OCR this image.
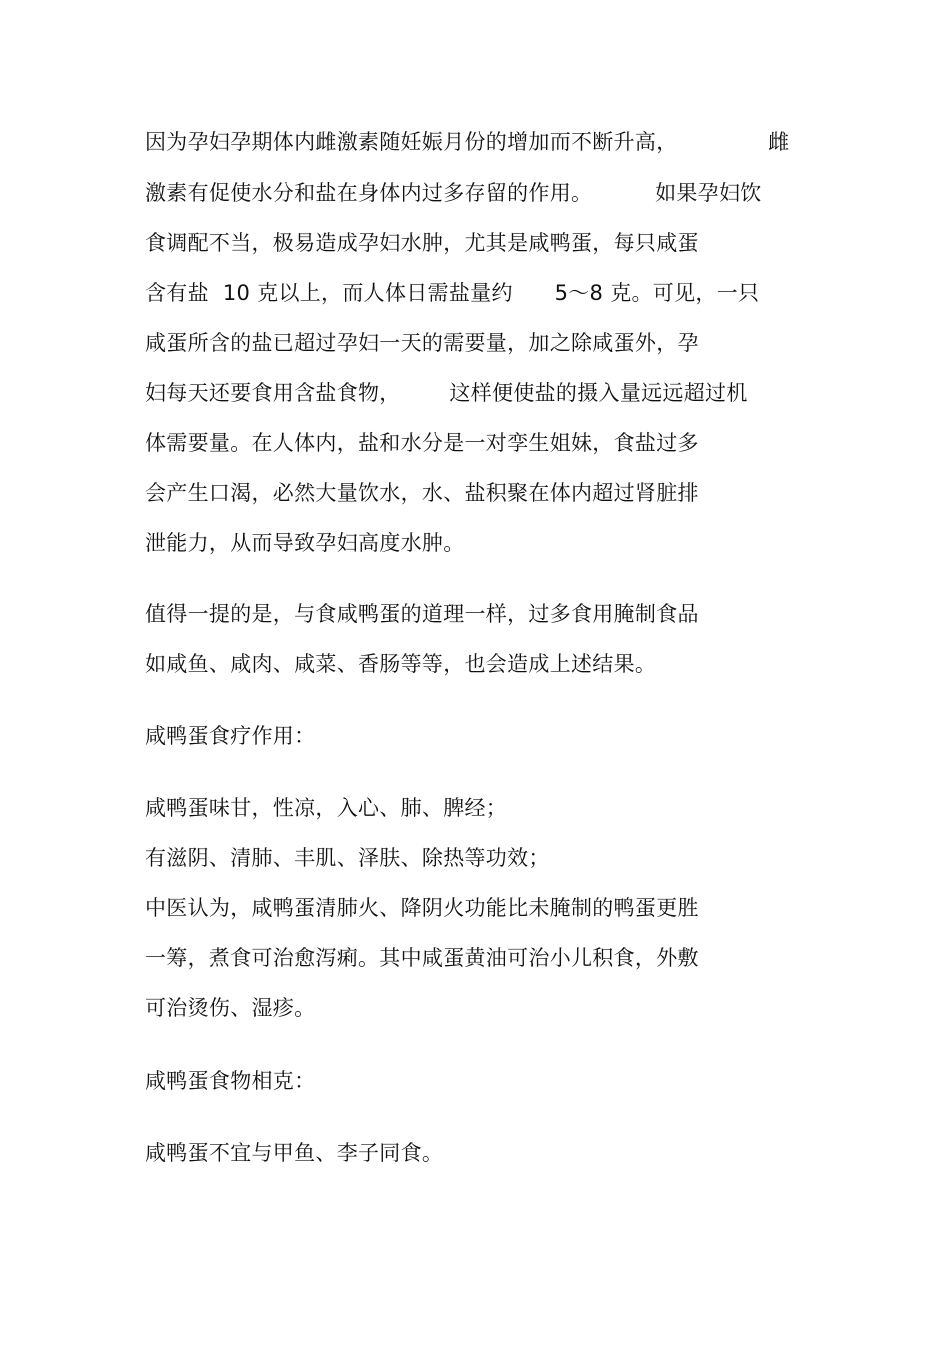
因为孕妇孕期体内雌激素随妊娠月份的增加而不断升高，             雌
激素有促使水分和盐在身体内过多存留的作用。         如果孕妇饮
食调配不当，极易造成孕妇水肿，尤其是咸鸭蛋，每只咸蛋
含有盐  10 克以上，而人体日需盐量约      5～8 克。可见，一只
咸蛋所含的盐已超过孕妇一天的需要量，加之除咸蛋外，孕
妇每天还要食用含盐食物，       这样便使盐的摄入量远远超过机
体需要量。在人体内，盐和水分是一对孪生姐妹，食盐过多
会产生口渴，必然大量饮水，水、盐积聚在体内超过肾脏排
泄能力，从而导致孕妇高度水肿。
值得一提的是，与食咸鸭蛋的道理一样，过多食用腌制食品
如咸鱼、咸肉、咸菜、香肠等等，也会造成上述结果。
咸鸭蛋食疗作用：
咸鸭蛋味甘，性凉，入心、肺、脾经；
有滋阴、清肺、丰肌、泽肤、除热等功效；
中医认为，咸鸭蛋清肺火、降阴火功能比未腌制的鸭蛋更胜
一筹，煮食可治愈泻痢。其中咸蛋黄油可治小儿积食，外敷
可治烫伤、湿疹。
咸鸭蛋食物相克：
咸鸭蛋不宜与甲鱼、李子同食。
